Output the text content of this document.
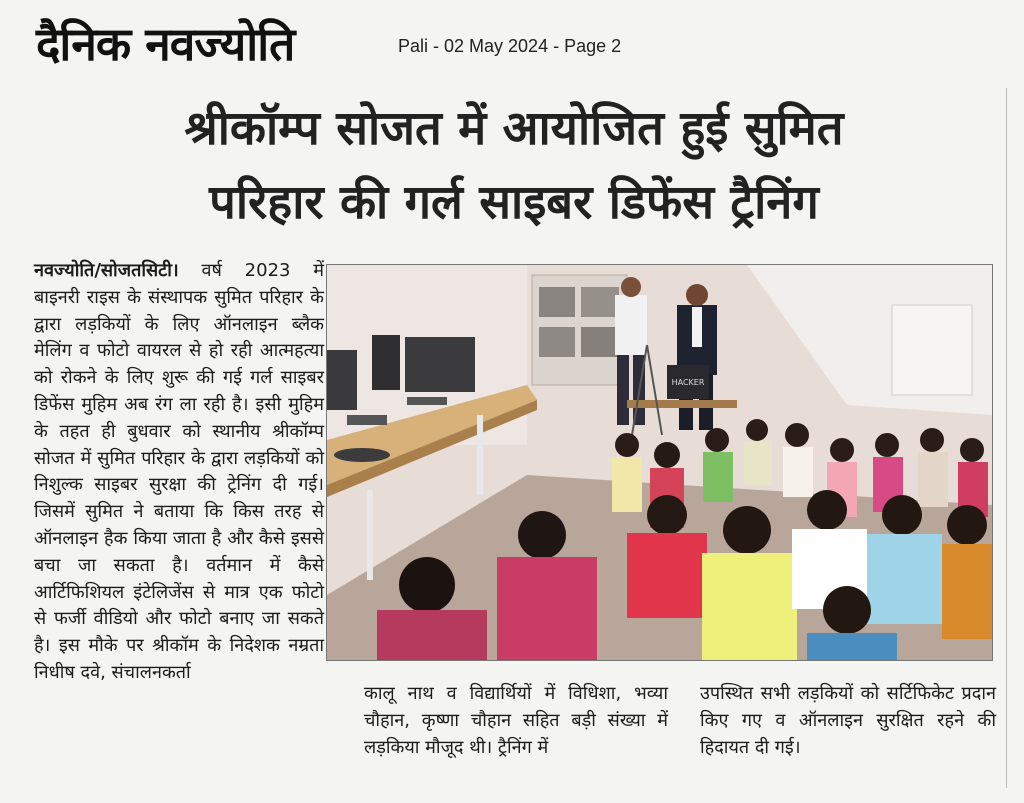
दैनिक नवज्योति	Pali - 02 May 2024 - Page 2
श्रीकॉम्प सोजत में आयोजित हुई सुमित
परिहार की गर्ल साइबर डिफेंस ट्रैनिंग

नवज्योति/सोजतसिटी। वर्ष 2023 में बाइनरी राइस के संस्थापक सुमित परिहार के द्वारा लड़कियों के लिए ऑनलाइन ब्लैक मेलिंग व फोटो वायरल से हो रही आत्महत्या को रोकने के लिए शुरू की गई गर्ल साइबर डिफेंस मुहिम अब रंग ला रही है। इसी मुहिम के तहत ही बुधवार को स्थानीय श्रीकॉम्प सोजत में सुमित परिहार के द्वारा लड़कियों को निशुल्क साइबर सुरक्षा की ट्रेनिंग दी गई। जिसमें सुमित ने बताया कि किस तरह से ऑनलाइन हैक किया जाता है और कैसे इससे बचा जा सकता है। वर्तमान में कैसे आर्टिफिशियल इंटेलिजेंस से मात्र एक फोटो से फर्जी वीडियो और फोटो बनाए जा सकते है। इस मौके पर श्रीकॉम के निदेशक नम्रता निधीष दवे, संचालनकर्ता

HACKER

कालू नाथ व विद्यार्थियों में विधिशा, भव्या चौहान, कृष्णा चौहान सहित बड़ी संख्या में लड़किया मौजूद थी। ट्रैनिंग में

उपस्थित सभी लड़कियों को सर्टिफिकेट प्रदान किए गए व ऑनलाइन सुरक्षित रहने की हिदायत दी गई।
